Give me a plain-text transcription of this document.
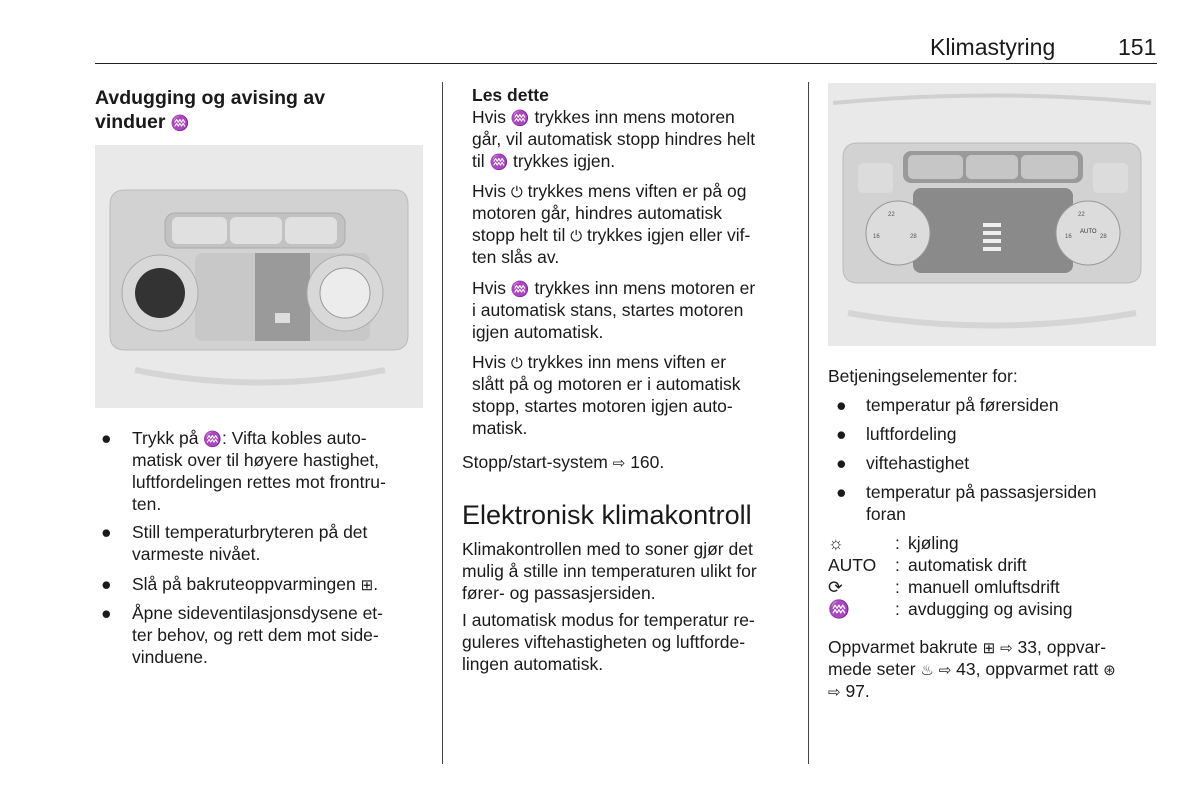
Klimastyring	151
Avdugging og avising av
vinduer ♒
● Trykk på ♒: Vifta kobles auto-
matisk over til høyere hastighet,
luftfordelingen rettes mot frontru-
ten.
● Still temperaturbryteren på det
varmeste nivået.
● Slå på bakruteoppvarmingen ⊞.
● Åpne sideventilasjonsdysene et-
ter behov, og rett dem mot side-
vinduene.
Les dette
Hvis ♒ trykkes inn mens motoren
går, vil automatisk stopp hindres helt
til ♒ trykkes igjen.
Hvis ⏻ trykkes mens viften er på og
motoren går, hindres automatisk
stopp helt til ⏻ trykkes igjen eller vif-
ten slås av.
Hvis ♒ trykkes inn mens motoren er
i automatisk stans, startes motoren
igjen automatisk.
Hvis ⏻ trykkes inn mens viften er
slått på og motoren er i automatisk
stopp, startes motoren igjen auto-
matisk.
Stopp/start-system ⇨ 160.
Elektronisk klimakontroll
Klimakontrollen med to soner gjør det
mulig å stille inn temperaturen ulikt for
fører- og passasjersiden.
I automatisk modus for temperatur re-
guleres viftehastigheten og luftforde-
lingen automatisk.
22
16	28
22
16	28
AUTO
Betjeningselementer for:
● temperatur på førersiden
● luftfordeling
● viftehastighet
● temperatur på passasjersiden
foran
☼	: kjøling
AUTO : automatisk drift
⟳	: manuell omluftsdrift
♒	: avdugging og avising
Oppvarmet bakrute ⊞ ⇨ 33, oppvar-
mede seter ♨ ⇨ 43, oppvarmet ratt ⊛
⇨ 97.
